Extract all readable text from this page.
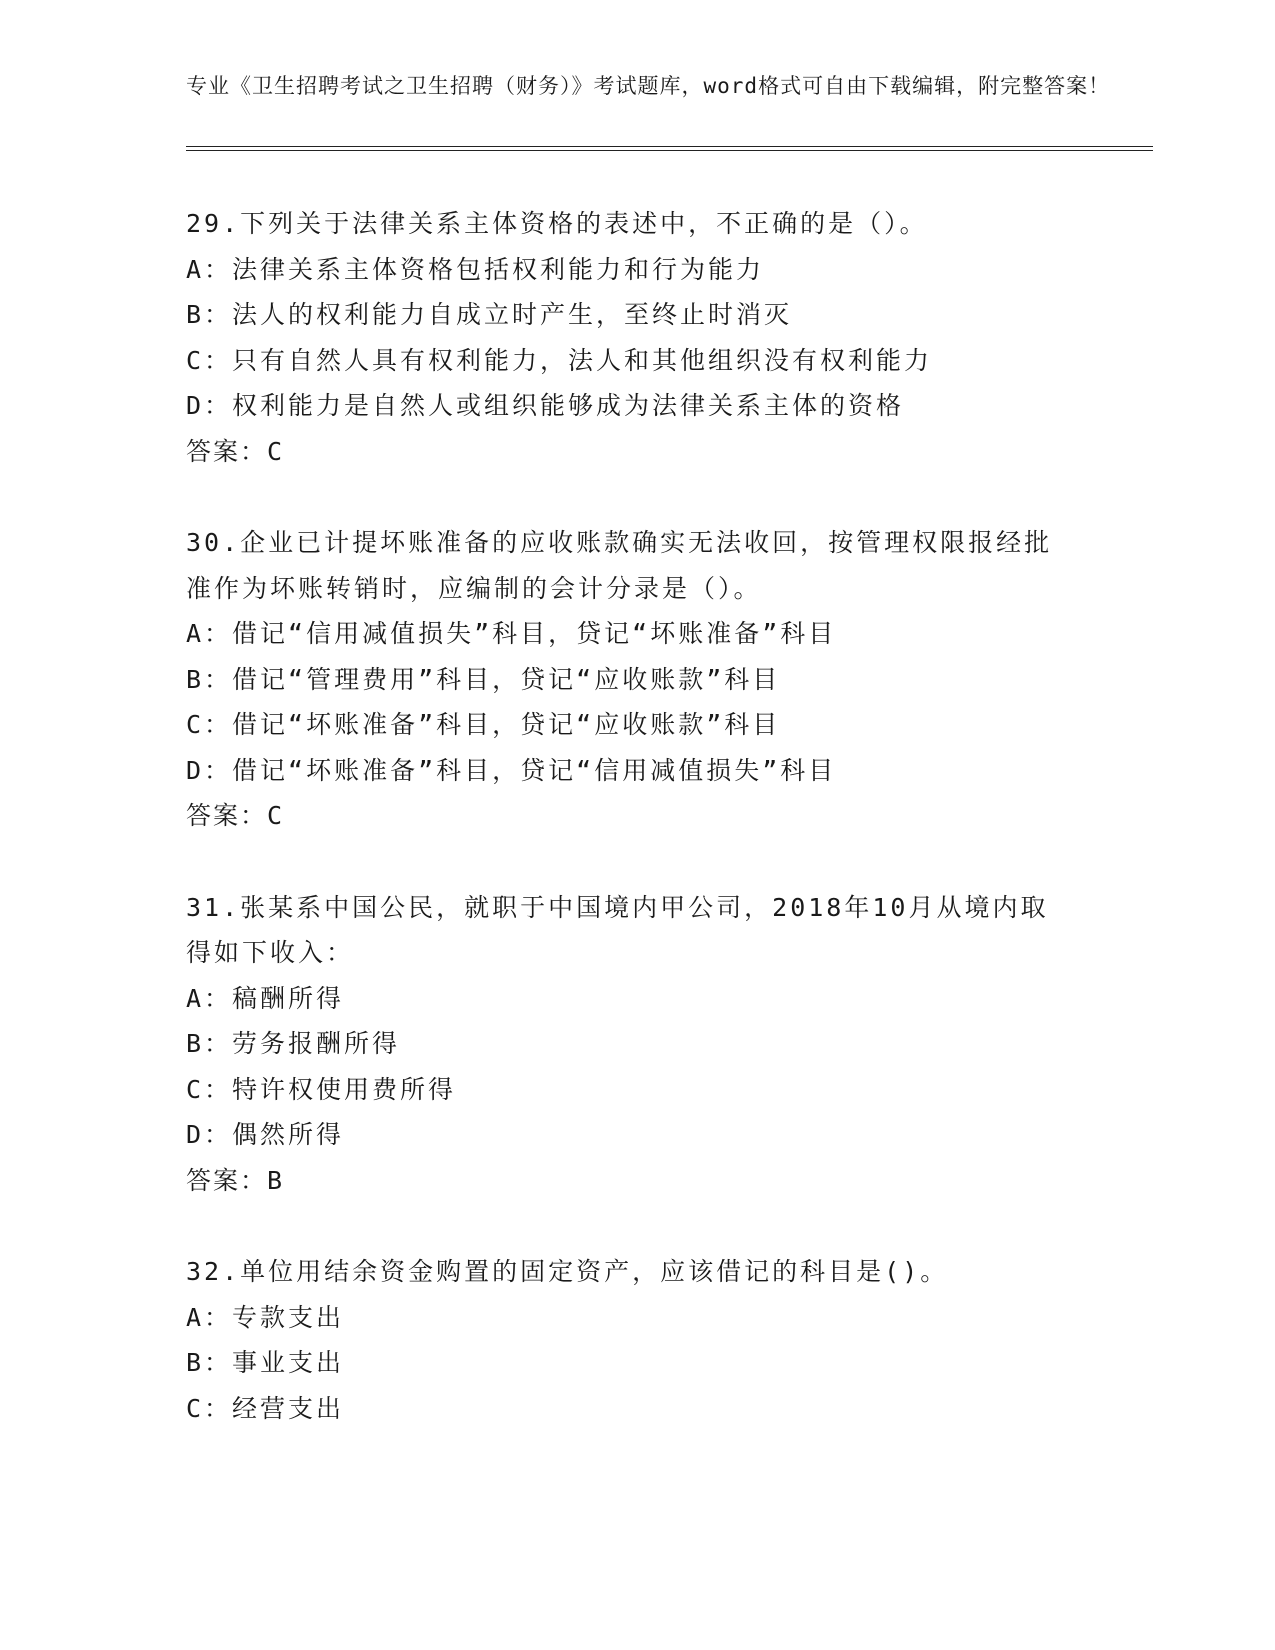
专业《卫生招聘考试之卫生招聘（财务）》考试题库，word格式可自由下载编辑，附完整答案！

29.下列关于法律关系主体资格的表述中，不正确的是（）。

A：法律关系主体资格包括权利能力和行为能力

B：法人的权利能力自成立时产生，至终止时消灭

C：只有自然人具有权利能力，法人和其他组织没有权利能力

D：权利能力是自然人或组织能够成为法律关系主体的资格

答案：C

30.企业已计提坏账准备的应收账款确实无法收回，按管理权限报经批准作为坏账转销时，应编制的会计分录是（）。

A：借记“信用减值损失”科目，贷记“坏账准备”科目

B：借记“管理费用”科目，贷记“应收账款”科目

C：借记“坏账准备”科目，贷记“应收账款”科目

D：借记“坏账准备”科目，贷记“信用减值损失”科目

答案：C

31.张某系中国公民，就职于中国境内甲公司，2018年10月从境内取得如下收入：

A：稿酬所得

B：劳务报酬所得

C：特许权使用费所得

D：偶然所得

答案：B

32.单位用结余资金购置的固定资产，应该借记的科目是()。

A：专款支出

B：事业支出

C：经营支出
